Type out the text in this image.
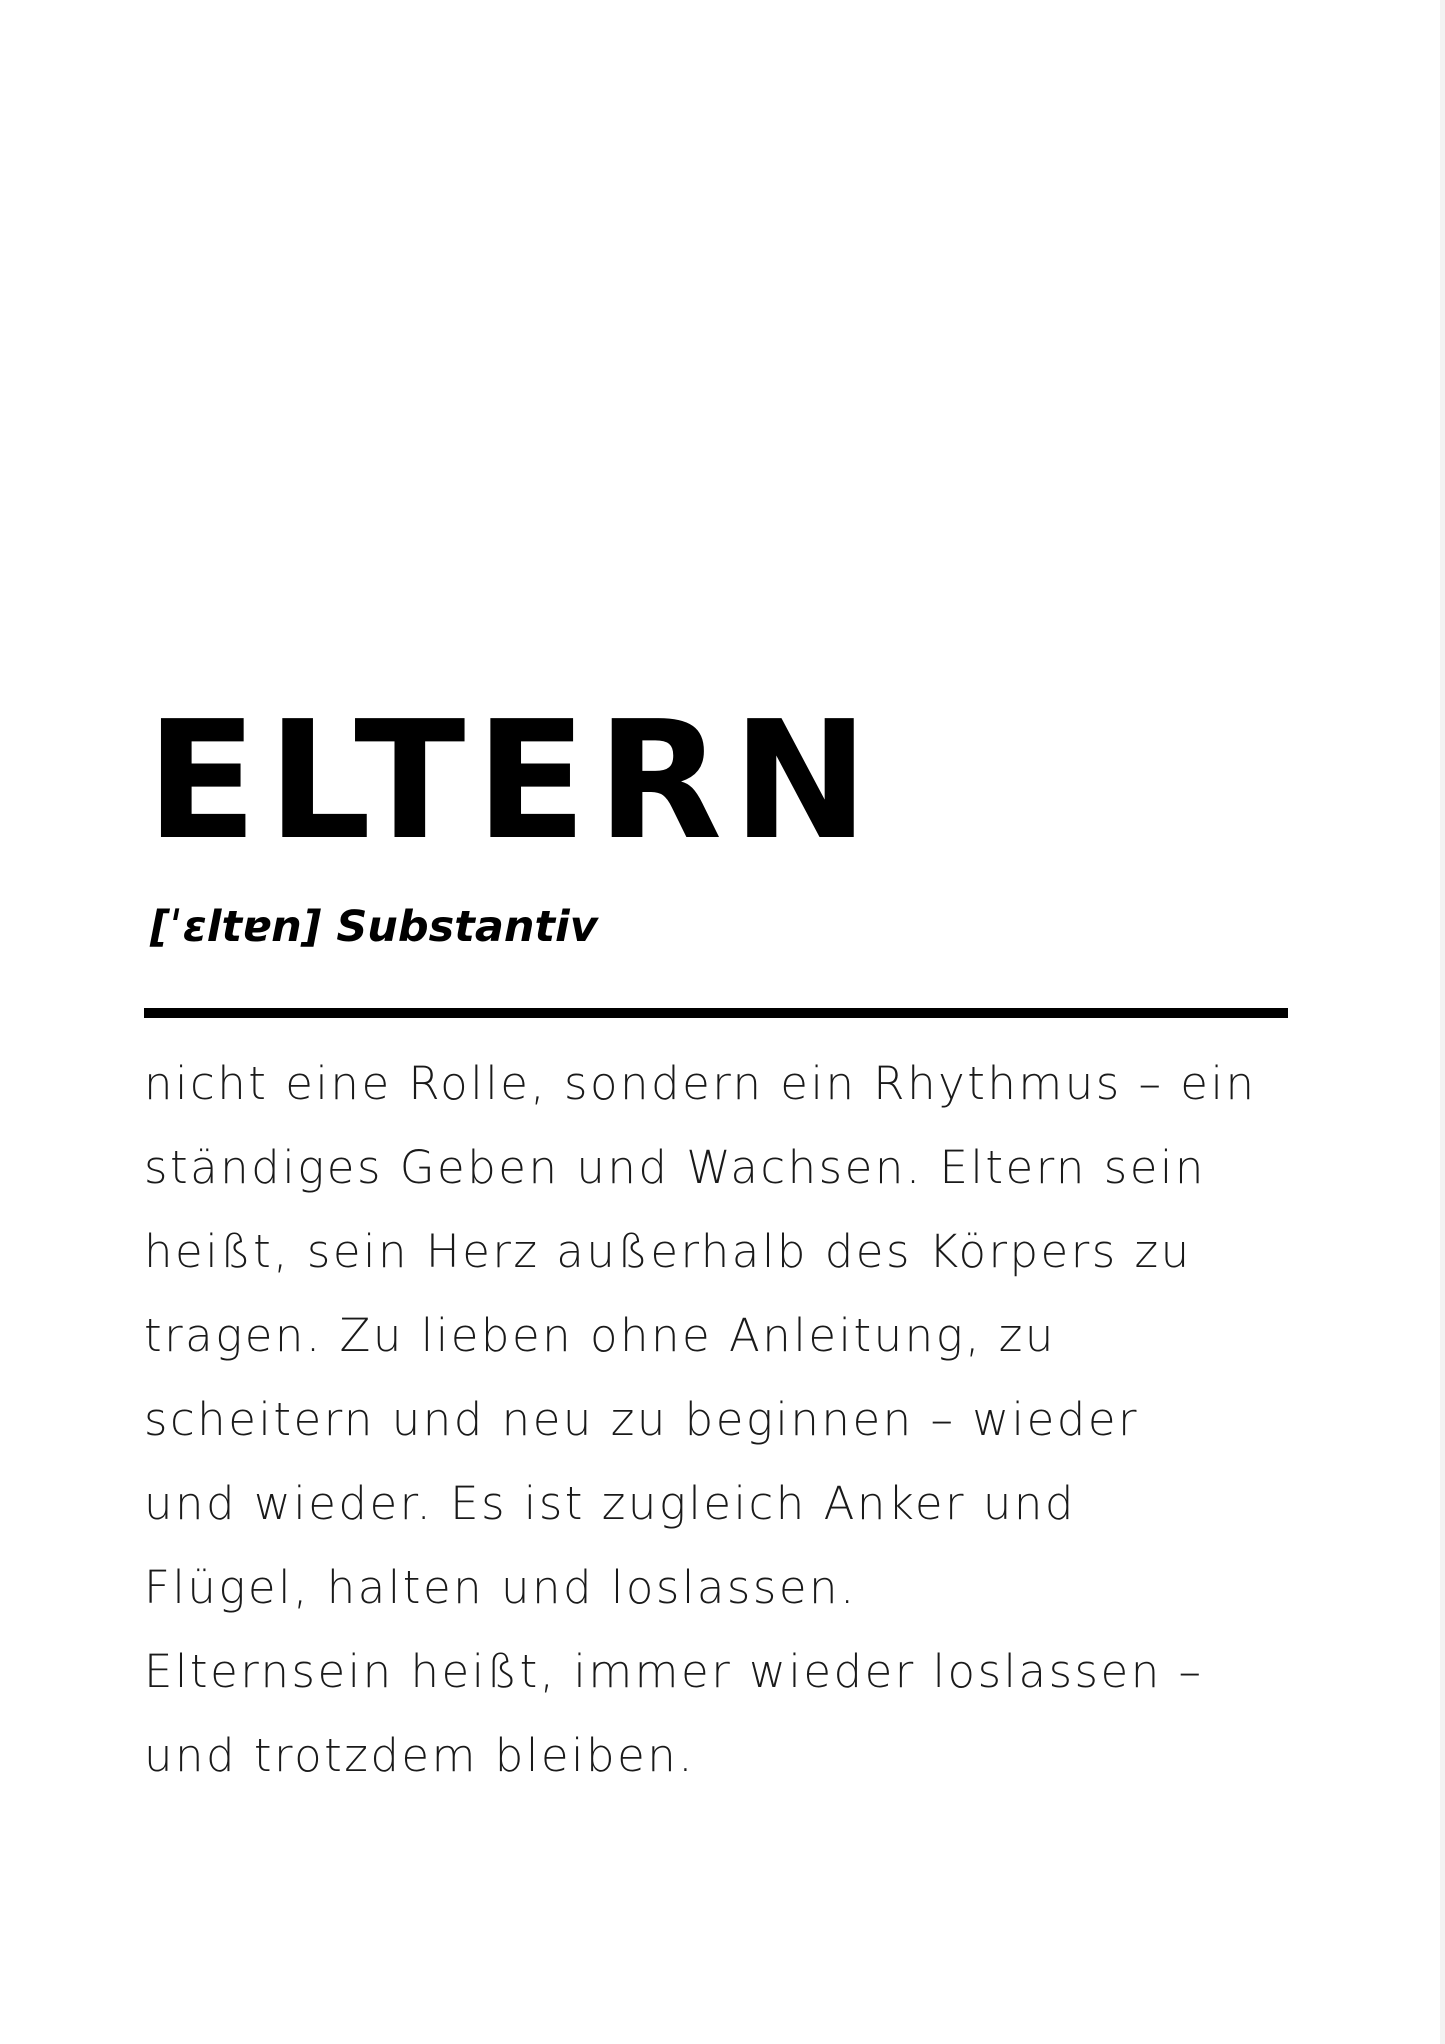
ELTERN
[ˈɛltɐn] Substantiv
nicht eine Rolle, sondern ein Rhythmus – ein
ständiges Geben und Wachsen. Eltern sein
heißt, sein Herz außerhalb des Körpers zu
tragen. Zu lieben ohne Anleitung, zu
scheitern und neu zu beginnen – wieder
und wieder. Es ist zugleich Anker und
Flügel, halten und loslassen.
Elternsein heißt, immer wieder loslassen –
und trotzdem bleiben.
